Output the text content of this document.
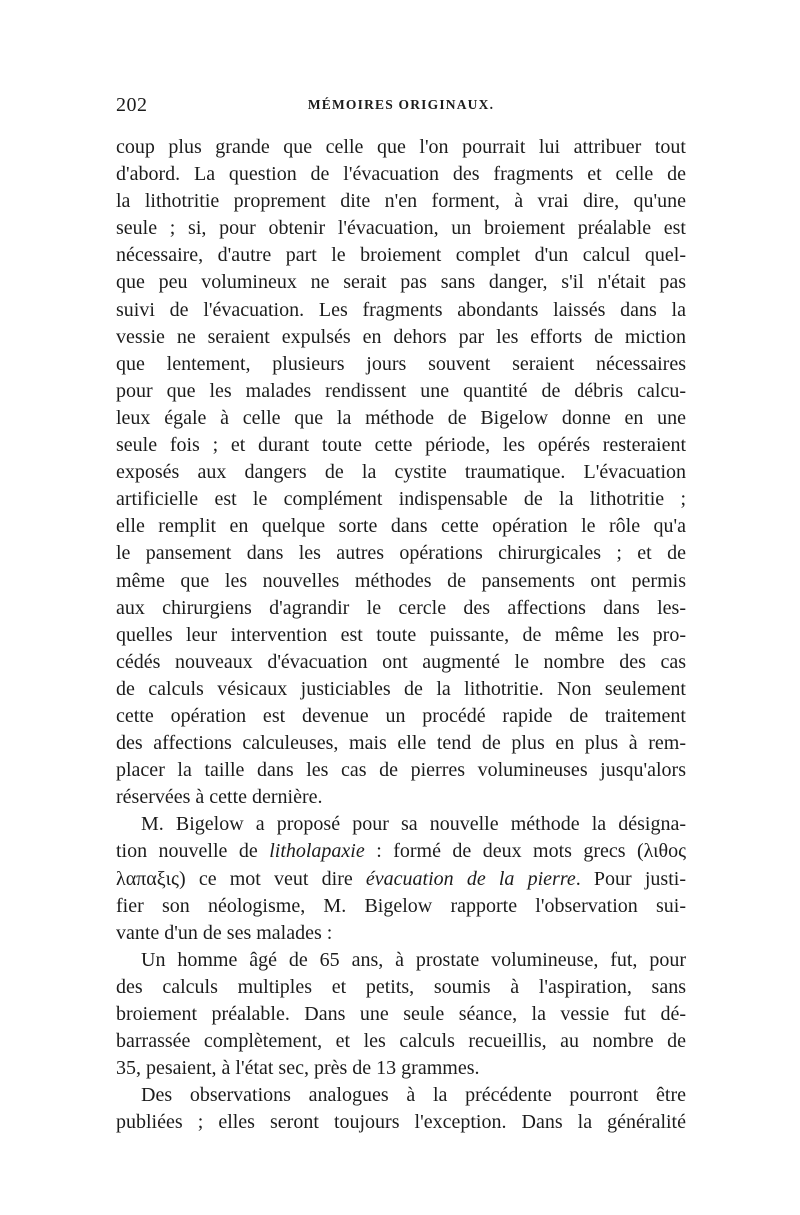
202	MÉMOIRES ORIGINAUX.
coup plus grande que celle que l'on pourrait lui attribuer tout
d'abord. La question de l'évacuation des fragments et celle de
la lithotritie proprement dite n'en forment, à vrai dire, qu'une
seule ; si, pour obtenir l'évacuation, un broiement préalable est
nécessaire, d'autre part le broiement complet d'un calcul quel-
que peu volumineux ne serait pas sans danger, s'il n'était pas
suivi de l'évacuation. Les fragments abondants laissés dans la
vessie ne seraient expulsés en dehors par les efforts de miction
que lentement, plusieurs jours souvent seraient nécessaires
pour que les malades rendissent une quantité de débris calcu-
leux égale à celle que la méthode de Bigelow donne en une
seule fois ; et durant toute cette période, les opérés resteraient
exposés aux dangers de la cystite traumatique. L'évacuation
artificielle est le complément indispensable de la lithotritie ;
elle remplit en quelque sorte dans cette opération le rôle qu'a
le pansement dans les autres opérations chirurgicales ; et de
même que les nouvelles méthodes de pansements ont permis
aux chirurgiens d'agrandir le cercle des affections dans les-
quelles leur intervention est toute puissante, de même les pro-
cédés nouveaux d'évacuation ont augmenté le nombre des cas
de calculs vésicaux justiciables de la lithotritie. Non seulement
cette opération est devenue un procédé rapide de traitement
des affections calculeuses, mais elle tend de plus en plus à rem-
placer la taille dans les cas de pierres volumineuses jusqu'alors
réservées à cette dernière.
M. Bigelow a proposé pour sa nouvelle méthode la désigna-
tion nouvelle de litholapaxie : formé de deux mots grecs (λιθος
λαπαξις) ce mot veut dire évacuation de la pierre. Pour justi-
fier son néologisme, M. Bigelow rapporte l'observation sui-
vante d'un de ses malades :
Un homme âgé de 65 ans, à prostate volumineuse, fut, pour
des calculs multiples et petits, soumis à l'aspiration, sans
broiement préalable. Dans une seule séance, la vessie fut dé-
barrassée complètement, et les calculs recueillis, au nombre de
35, pesaient, à l'état sec, près de 13 grammes.
Des observations analogues à la précédente pourront être
publiées ; elles seront toujours l'exception. Dans la généralité
